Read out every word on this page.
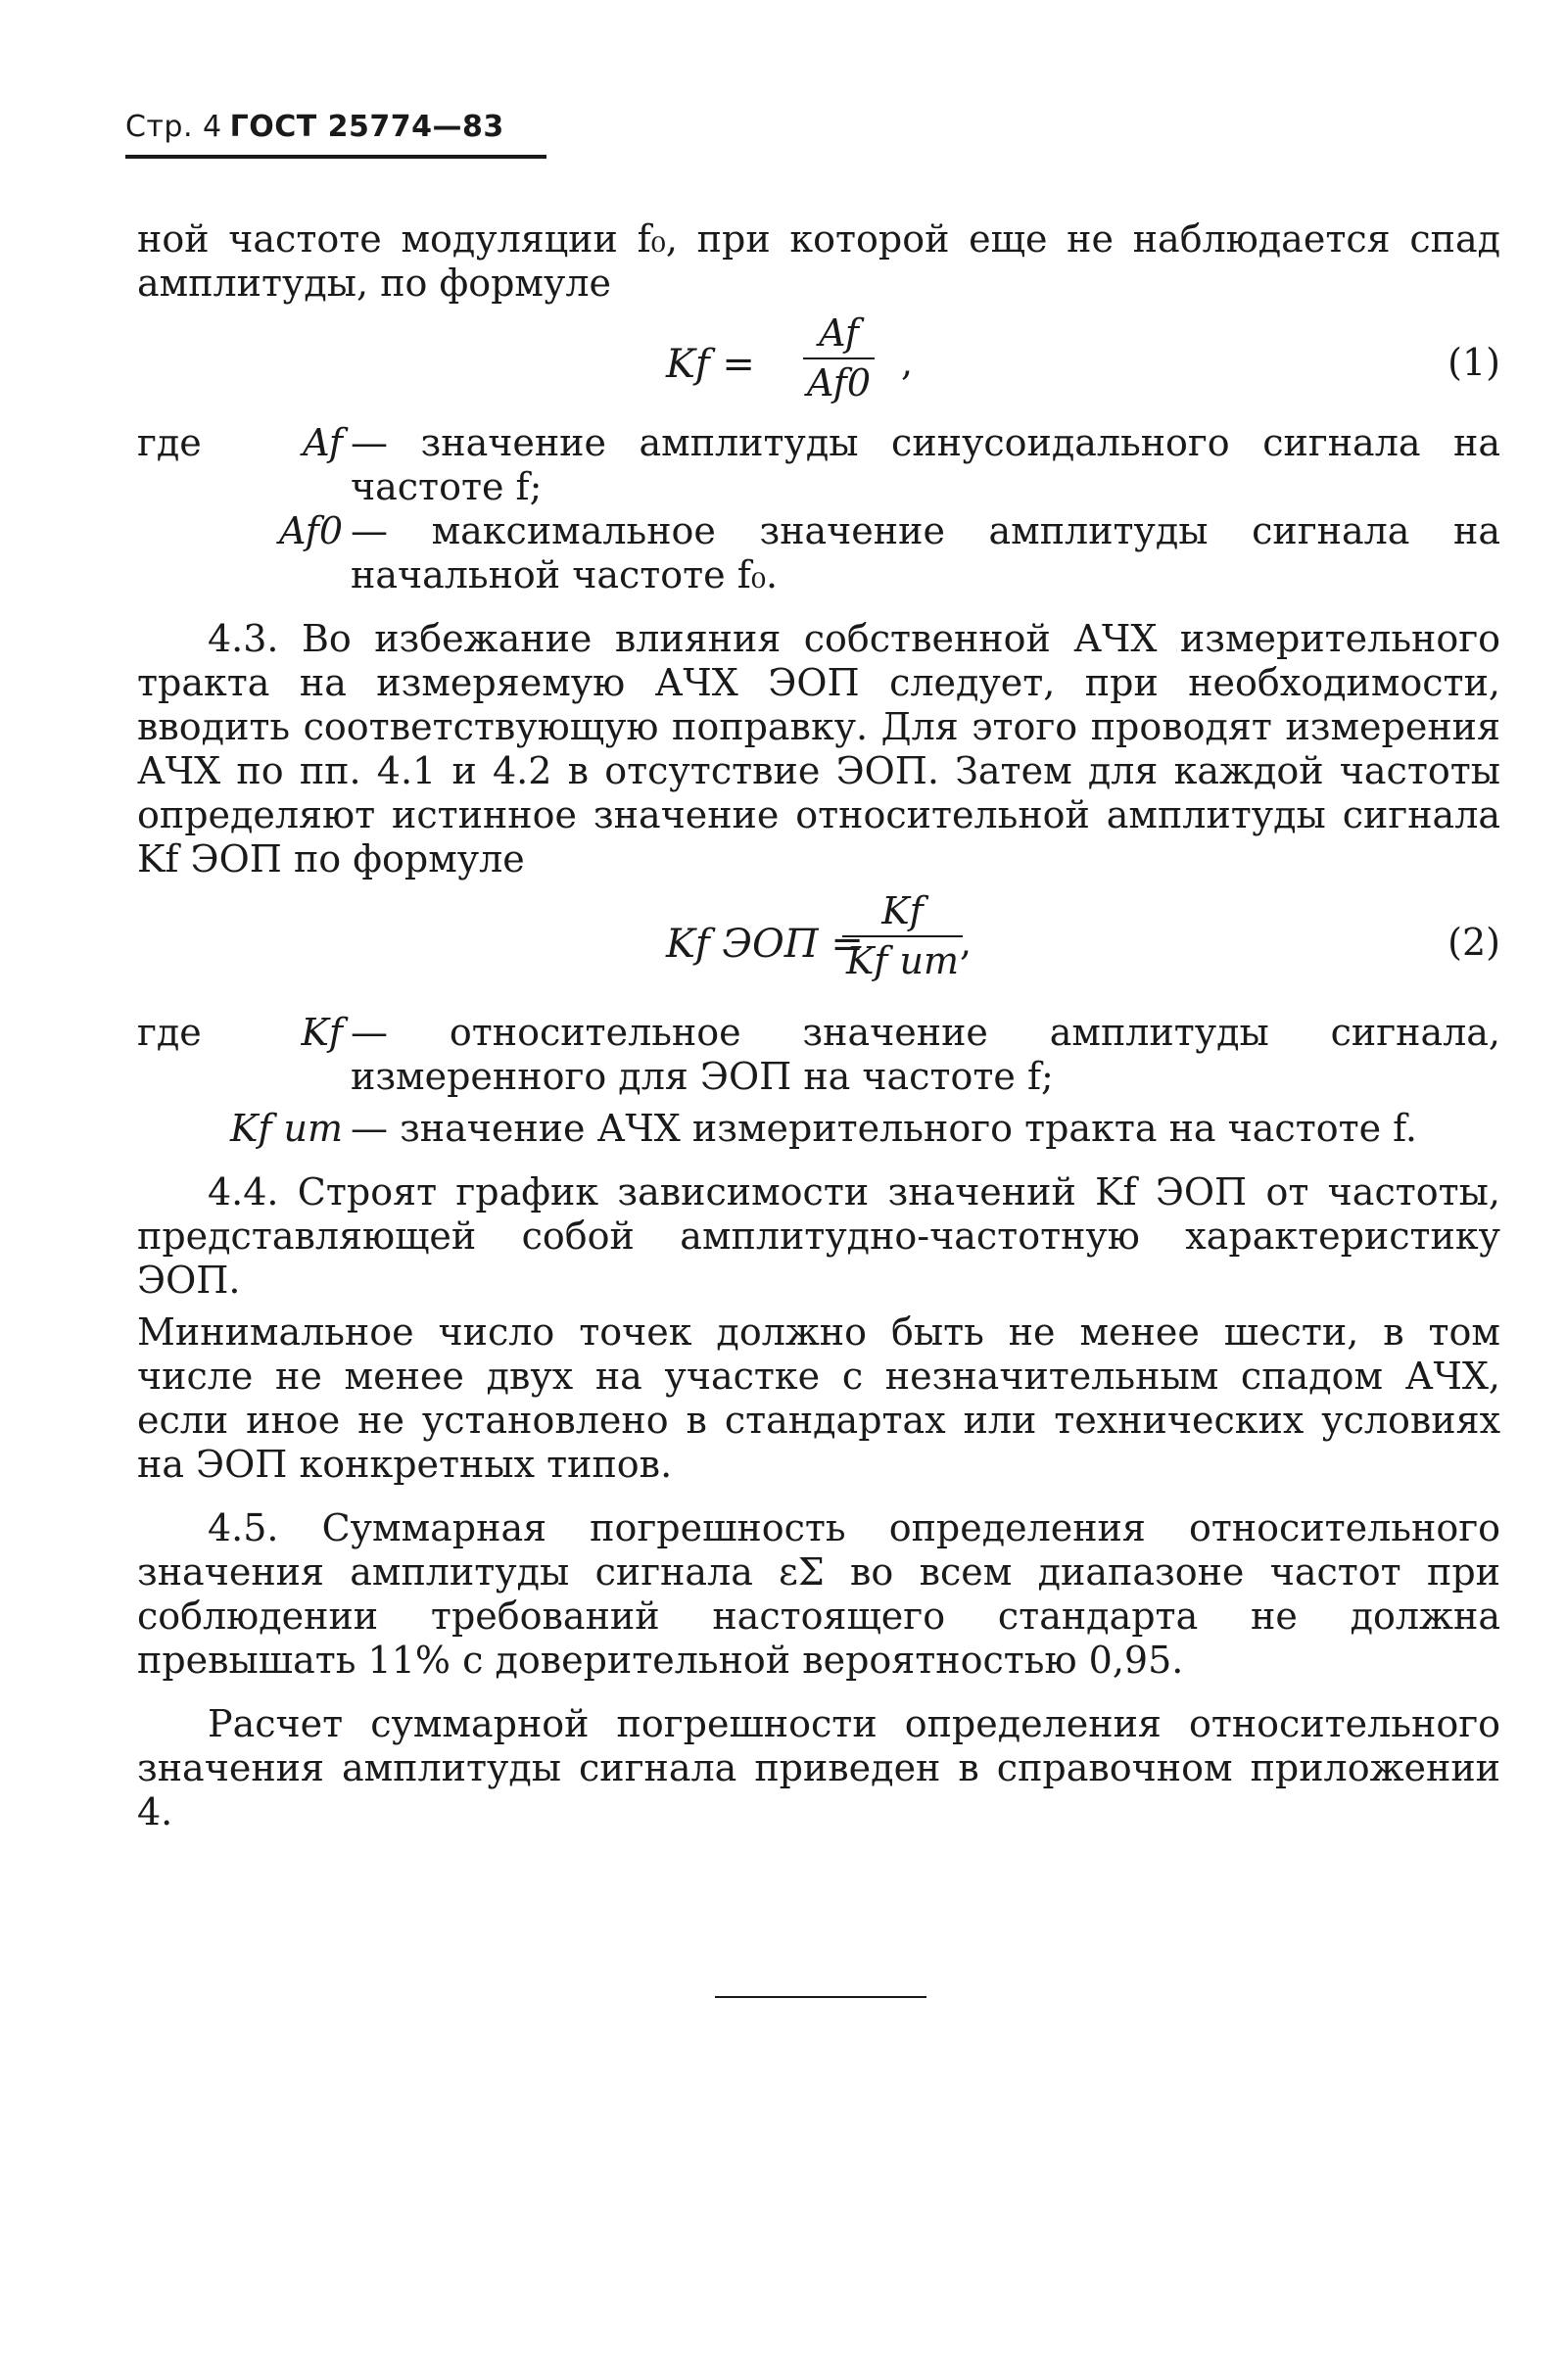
Стр. 4 ГОСТ 25774—83

ной частоте модуляции f₀, при которой еще не наблюдается спад амплитуды, по формуле

Kf =
Af
Af0 ,	(1)
где	Af — значение амплитуды синусоидального сигнала на частоте f;
Af0 — максимальное значение амплитуды сигнала на начальной частоте f₀.

4.3. Во избежание влияния собственной АЧХ измерительного тракта на измеряемую АЧХ ЭОП следует, при необходимости, вводить соответствующую поправку. Для этого проводят измерения АЧХ по пп. 4.1 и 4.2 в отсутствие ЭОП. Затем для каждой частоты определяют истинное значение относительной амплитуды сигнала Kf ЭОП по формуле

Kf ЭОП =
Kf
Kf ит ,	(2)
где	Kf — относительное значение амплитуды сигнала, измеренного для ЭОП на частоте f;
Kf ит — значение АЧХ измерительного тракта на частоте f.

4.4. Строят график зависимости значений Kf ЭОП от частоты, представляющей собой амплитудно-частотную характеристику ЭОП.

Минимальное число точек должно быть не менее шести, в том числе не менее двух на участке с незначительным спадом АЧХ, если иное не установлено в стандартах или технических условиях на ЭОП конкретных типов.

4.5. Суммарная погрешность определения относительного значения амплитуды сигнала εΣ во всем диапазоне частот при соблюдении требований настоящего стандарта не должна превышать 11% с доверительной вероятностью 0,95.

Расчет суммарной погрешности определения относительного значения амплитуды сигнала приведен в справочном приложении 4.
